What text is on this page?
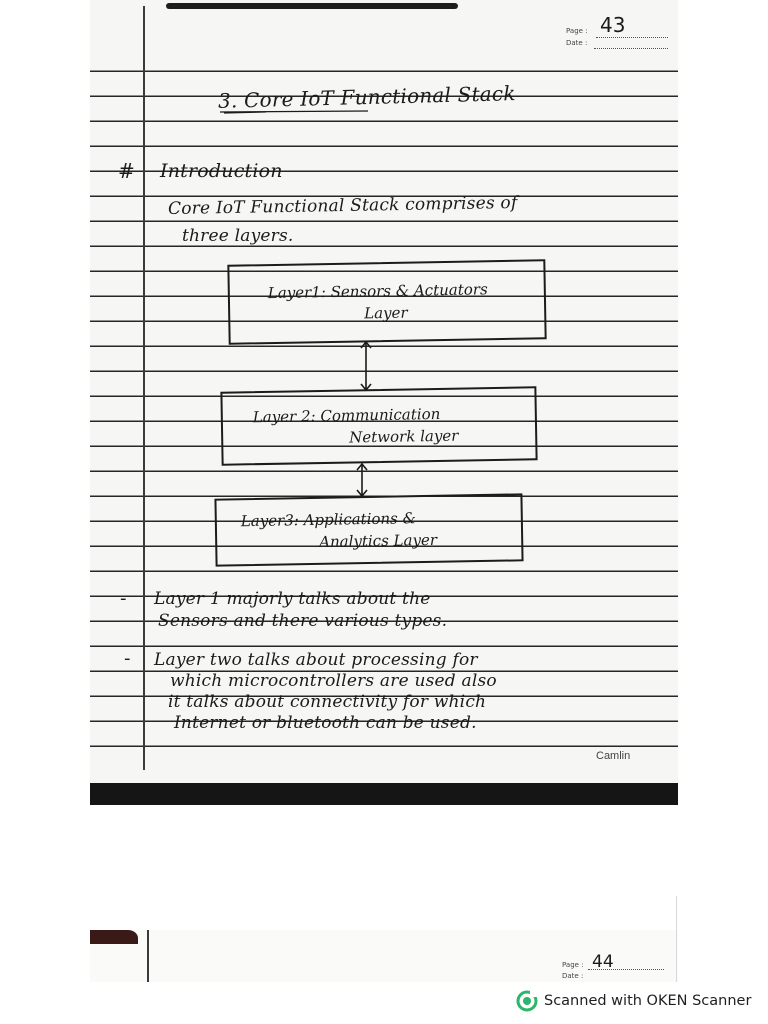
Page : 43
Date :
3. Core IoT Functional Stack
# Introduction
Core IoT Functional Stack comprises of
three layers.
Layer1: Sensors & Actuators
Layer
Layer 2: Communication
Network layer
Layer3: Applications &
Analytics Layer
- Layer 1 majorly talks about the
Sensors and there various types.
- Layer two talks about processing for
which microcontrollers are used also
it talks about connectivity for which
Internet or bluetooth can be used.
Camlin
Page : 44
Date :
Scanned with OKEN Scanner
